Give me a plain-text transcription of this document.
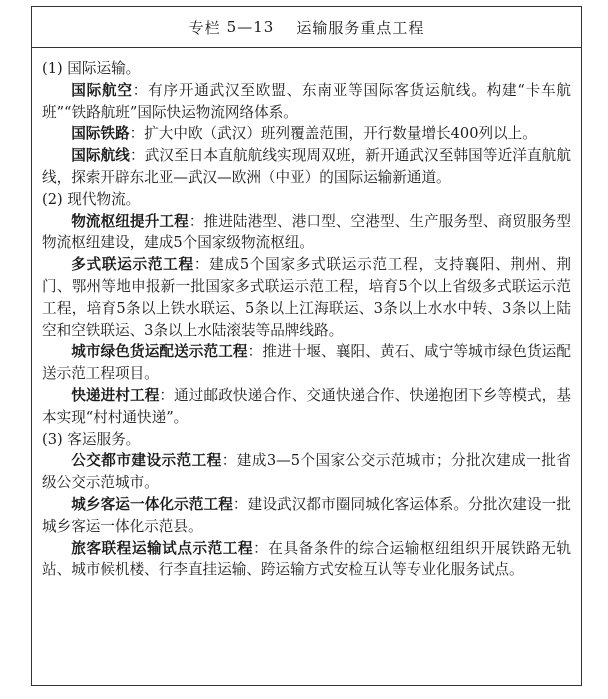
专栏 5—13 运输服务重点工程

(1) 国际运输。

国际航空：有序开通武汉至欧盟、东南亚等国际客货运航线。构建“卡车航班”“铁路航班”国际快运物流网络体系。

国际铁路：扩大中欧（武汉）班列覆盖范围，开行数量增长400列以上。

国际航线：武汉至日本直航航线实现周双班，新开通武汉至韩国等近洋直航航线，探索开辟东北亚—武汉—欧洲（中亚）的国际运输新通道。

(2) 现代物流。

物流枢纽提升工程：推进陆港型、港口型、空港型、生产服务型、商贸服务型物流枢纽建设，建成5个国家级物流枢纽。

多式联运示范工程：建成5个国家多式联运示范工程，支持襄阳、荆州、荆门、鄂州等地申报新一批国家多式联运示范工程，培育5个以上省级多式联运示范工程，培育5条以上铁水联运、5条以上江海联运、3条以上水水中转、3条以上陆空和空铁联运、3条以上水陆滚装等品牌线路。

城市绿色货运配送示范工程：推进十堰、襄阳、黄石、咸宁等城市绿色货运配送示范工程项目。

快递进村工程：通过邮政快递合作、交通快递合作、快递抱团下乡等模式，基本实现“村村通快递”。

(3) 客运服务。

公交都市建设示范工程：建成3—5个国家公交示范城市；分批次建成一批省级公交示范城市。

城乡客运一体化示范工程：建设武汉都市圈同城化客运体系。分批次建设一批城乡客运一体化示范县。

旅客联程运输试点示范工程：在具备条件的综合运输枢纽组织开展铁路无轨站、城市候机楼、行李直挂运输、跨运输方式安检互认等专业化服务试点。
